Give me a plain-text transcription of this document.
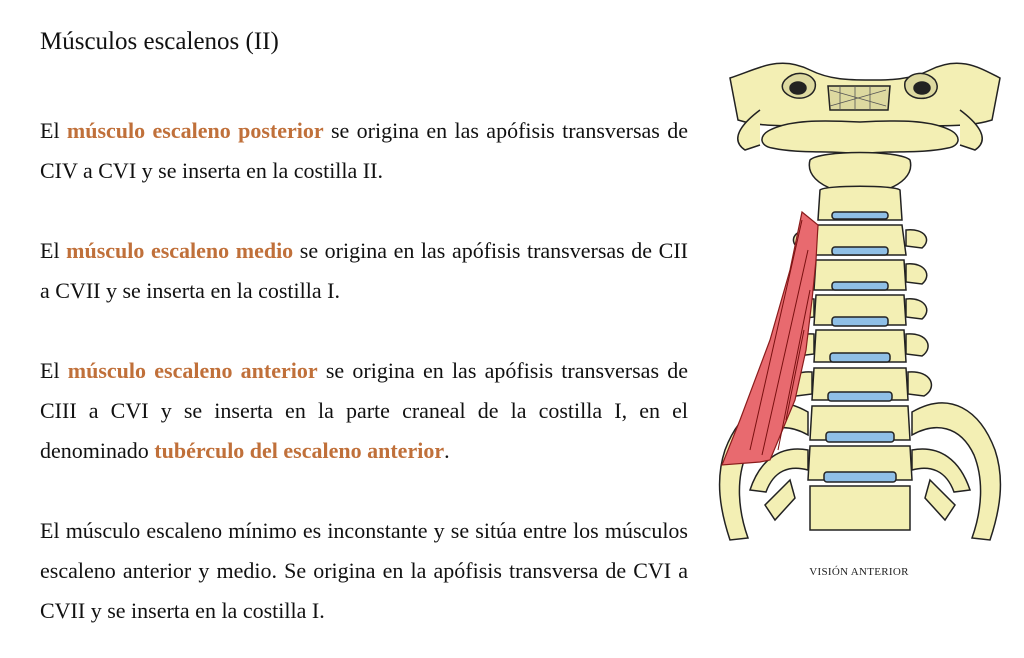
Músculos escalenos (II)

El músculo escaleno posterior se origina en las apófisis transversas de CIV a CVI y se inserta en la costilla II.

El músculo escaleno medio se origina en las apófisis transversas de CII a CVII y se inserta en la costilla I.

El músculo escaleno anterior se origina en las apófisis transversas de CIII a CVI y se inserta en la parte craneal de la costilla I, en el denominado tubérculo del escaleno anterior.

El músculo escaleno mínimo es inconstante y se sitúa entre los músculos escaleno anterior y medio. Se origina en la apófisis transversa de CVI a CVII y se inserta en la costilla I.

VISIÓN ANTERIOR
